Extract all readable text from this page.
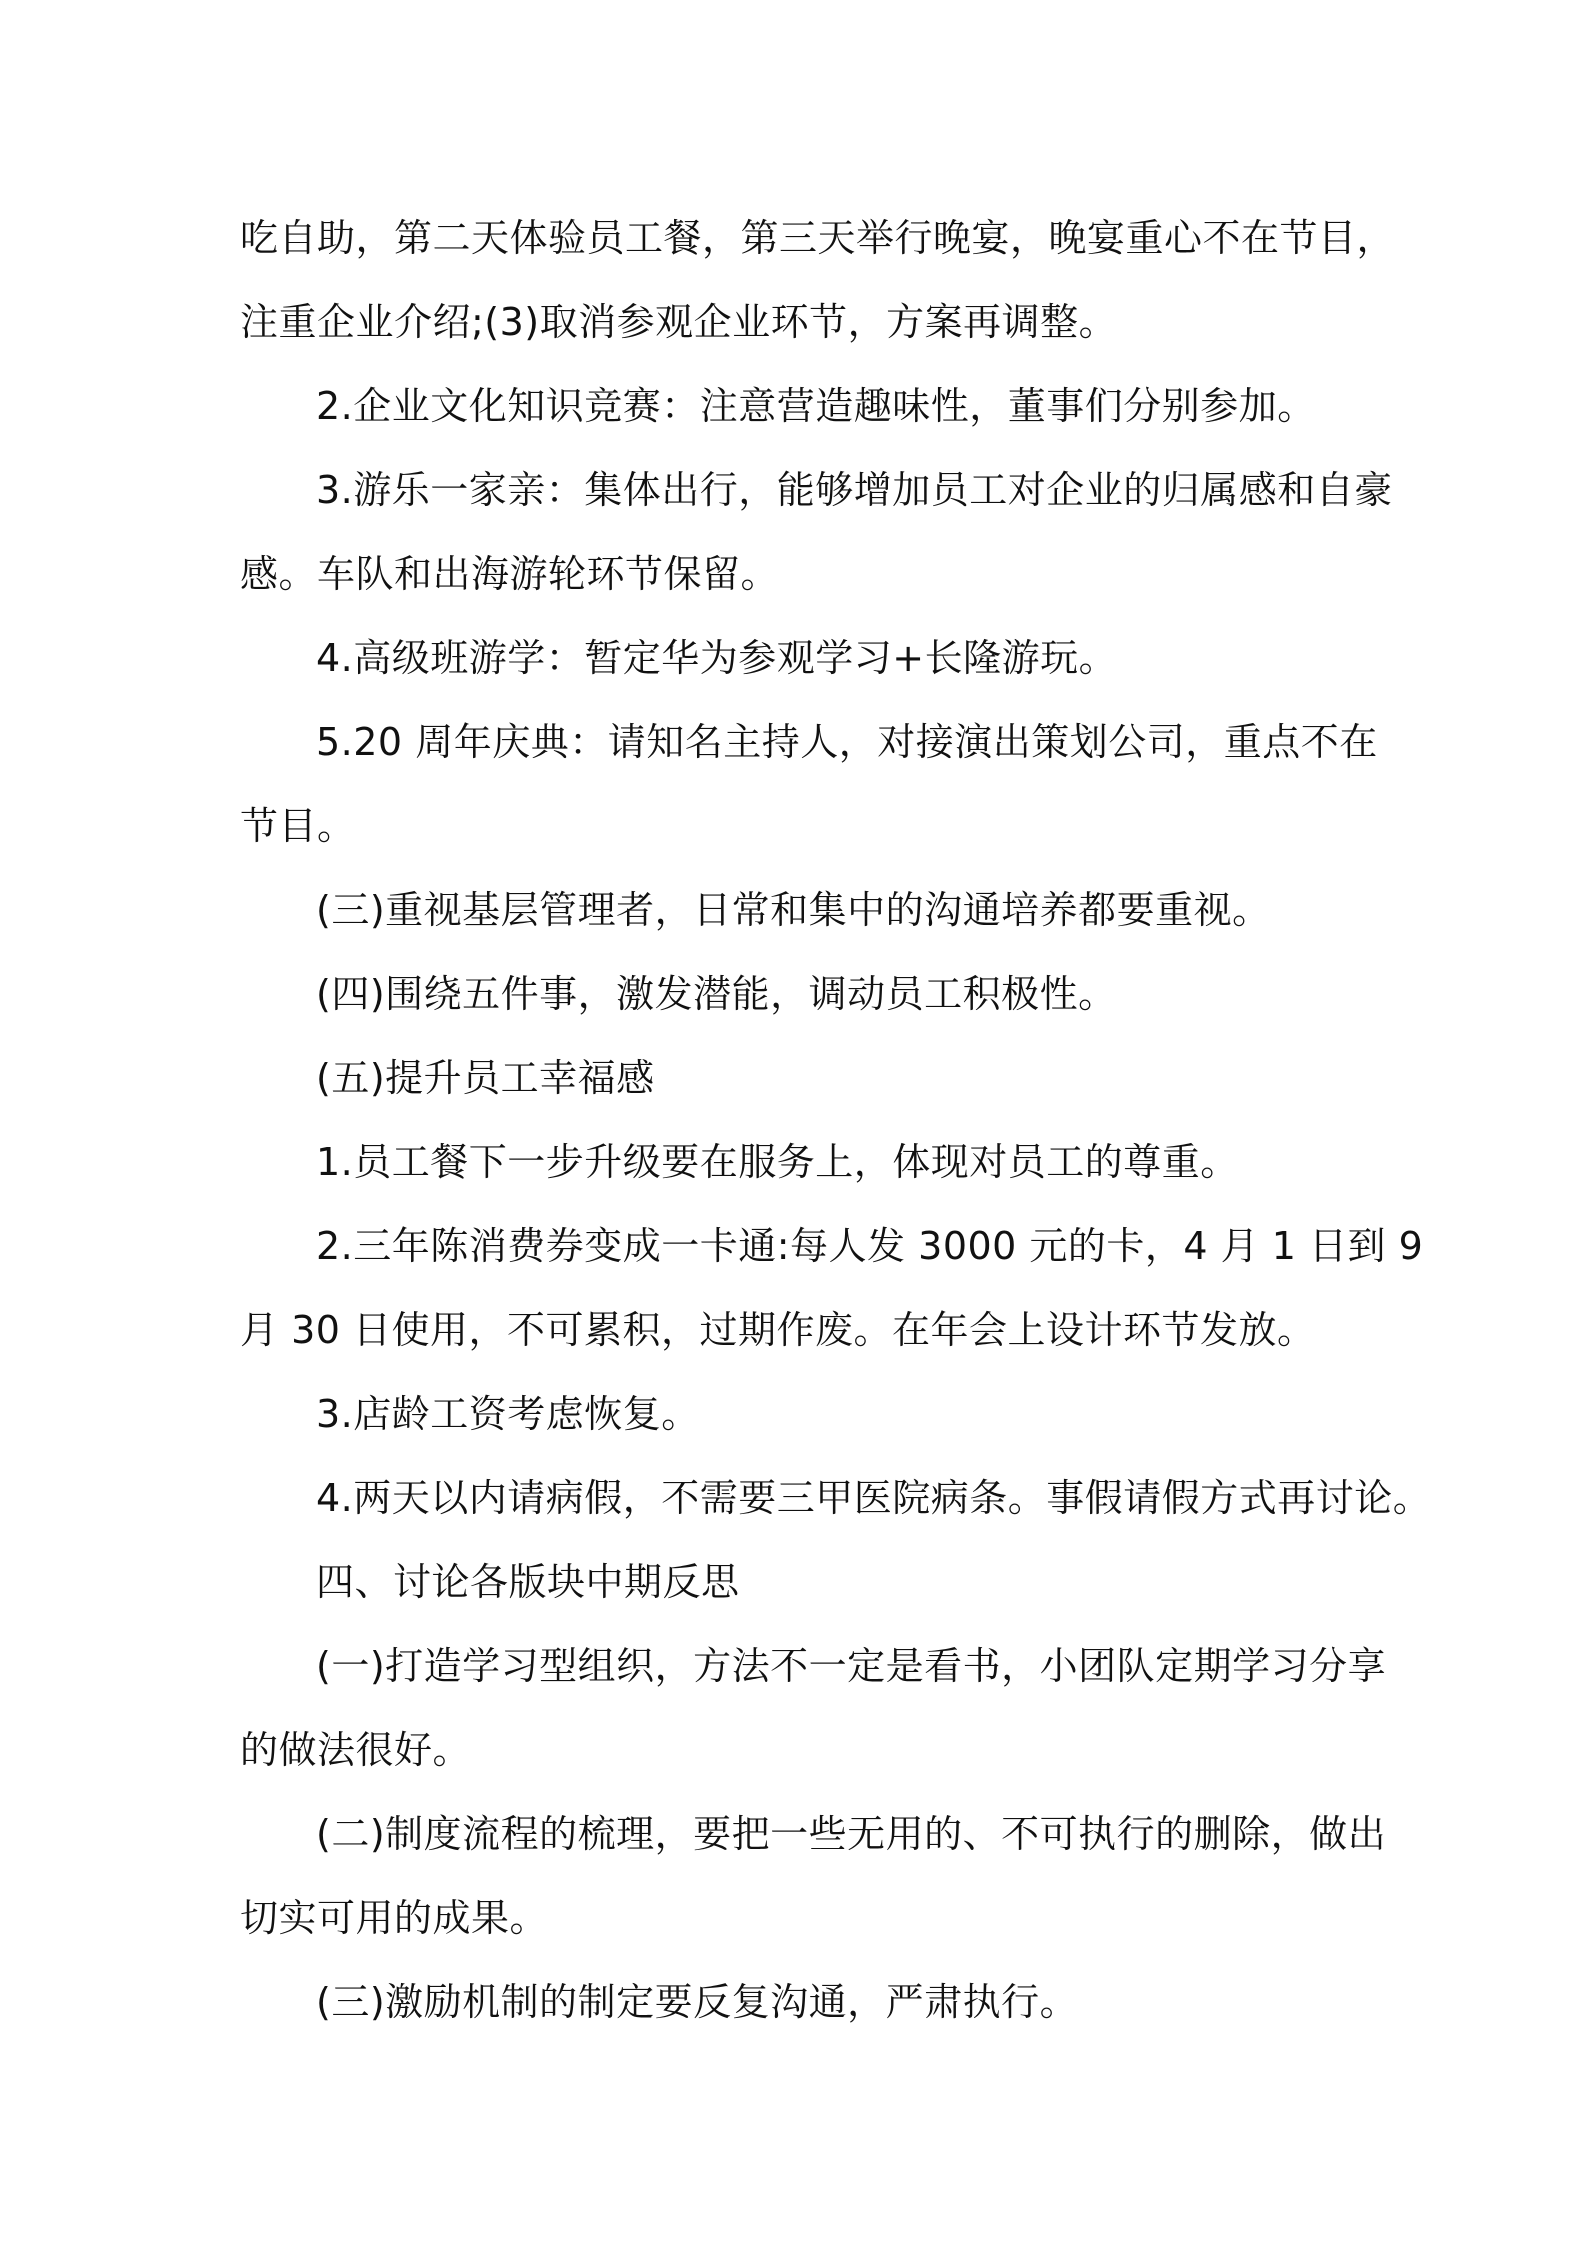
吃自助，第二天体验员工餐，第三天举行晚宴，晚宴重心不在节目，
注重企业介绍;(3)取消参观企业环节，方案再调整。
2.企业文化知识竞赛：注意营造趣味性，董事们分别参加。
3.游乐一家亲：集体出行，能够增加员工对企业的归属感和自豪
感。车队和出海游轮环节保留。
4.高级班游学：暂定华为参观学习+长隆游玩。
5.20 周年庆典：请知名主持人，对接演出策划公司，重点不在
节目。
(三)重视基层管理者，日常和集中的沟通培养都要重视。
(四)围绕五件事，激发潜能，调动员工积极性。
(五)提升员工幸福感
1.员工餐下一步升级要在服务上，体现对员工的尊重。
2.三年陈消费券变成一卡通:每人发 3000 元的卡，4 月 1 日到 9
月 30 日使用，不可累积，过期作废。在年会上设计环节发放。
3.店龄工资考虑恢复。
4.两天以内请病假，不需要三甲医院病条。事假请假方式再讨论。
四、讨论各版块中期反思
(一)打造学习型组织，方法不一定是看书，小团队定期学习分享
的做法很好。
(二)制度流程的梳理，要把一些无用的、不可执行的删除，做出
切实可用的成果。
(三)激励机制的制定要反复沟通，严肃执行。
